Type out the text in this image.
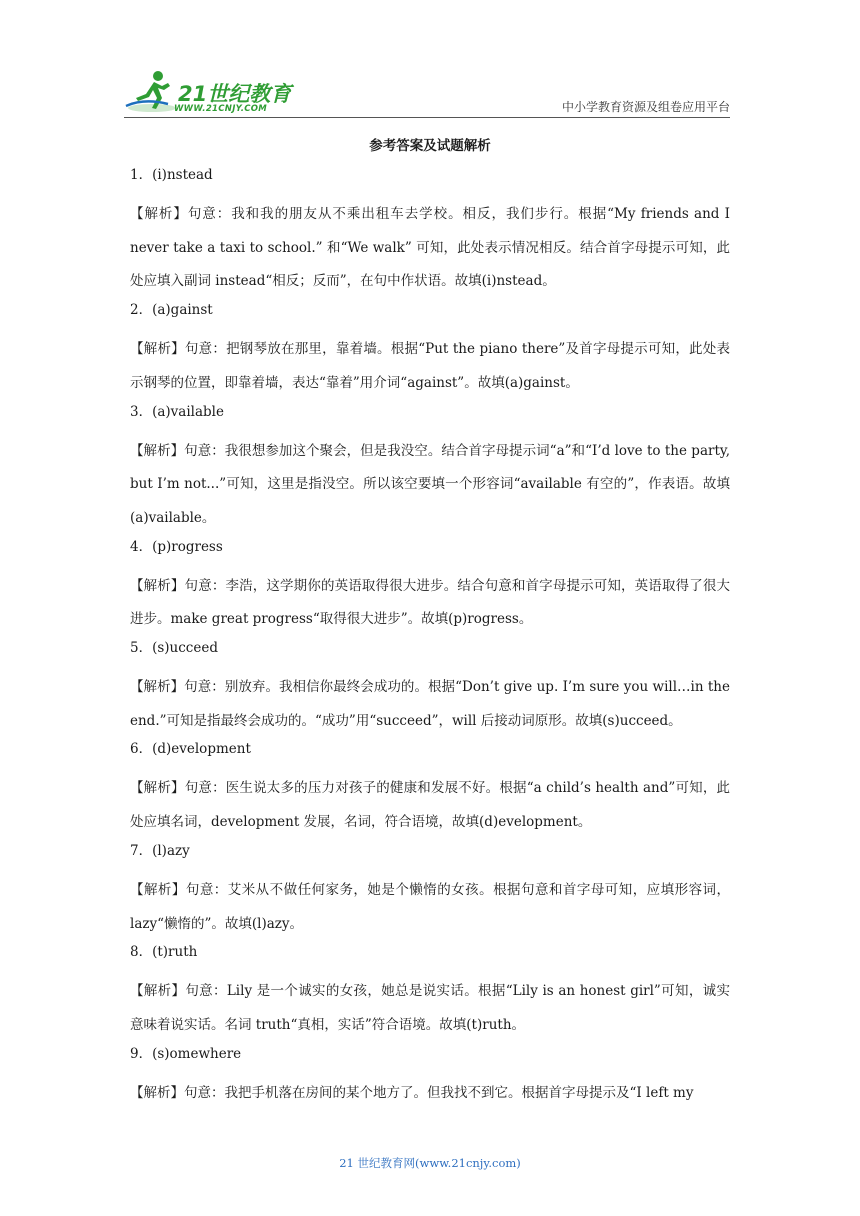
21世纪教育
WWW.21CNJY.COM	中小学教育资源及组卷应用平台
参考答案及试题解析
1．(i)nstead
【解析】句意：我和我的朋友从不乘出租车去学校。相反，我们步行。根据“My friends and I never take a taxi to school.” 和“We walk” 可知，此处表示情况相反。结合首字母提示可知，此处应填入副词 instead“相反；反而”，在句中作状语。故填(i)nstead。
2．(a)gainst
【解析】句意：把钢琴放在那里，靠着墙。根据“Put the piano there”及首字母提示可知，此处表示钢琴的位置，即靠着墙，表达“靠着”用介词“against”。故填(a)gainst。
3．(a)vailable
【解析】句意：我很想参加这个聚会，但是我没空。结合首字母提示词“a”和“I’d love to the party, but I’m not...”可知，这里是指没空。所以该空要填一个形容词“available 有空的”，作表语。故填(a)vailable。
4．(p)rogress
【解析】句意：李浩，这学期你的英语取得很大进步。结合句意和首字母提示可知，英语取得了很大进步。make great progress“取得很大进步”。故填(p)rogress。
5．(s)ucceed
【解析】句意：别放弃。我相信你最终会成功的。根据“Don’t give up. I’m sure you will…in the end.”可知是指最终会成功的。“成功”用“succeed”，will 后接动词原形。故填(s)ucceed。
6．(d)evelopment
【解析】句意：医生说太多的压力对孩子的健康和发展不好。根据“a child’s health and”可知，此处应填名词，development 发展，名词，符合语境，故填(d)evelopment。
7．(l)azy
【解析】句意：艾米从不做任何家务，她是个懒惰的女孩。根据句意和首字母可知，应填形容词，lazy“懒惰的”。故填(l)azy。
8．(t)ruth
【解析】句意：Lily 是一个诚实的女孩，她总是说实话。根据“Lily is an honest girl”可知，诚实意味着说实话。名词 truth“真相，实话”符合语境。故填(t)ruth。
9．(s)omewhere
【解析】句意：我把手机落在房间的某个地方了。但我找不到它。根据首字母提示及“I left my
21 世纪教育网(www.21cnjy.com)
